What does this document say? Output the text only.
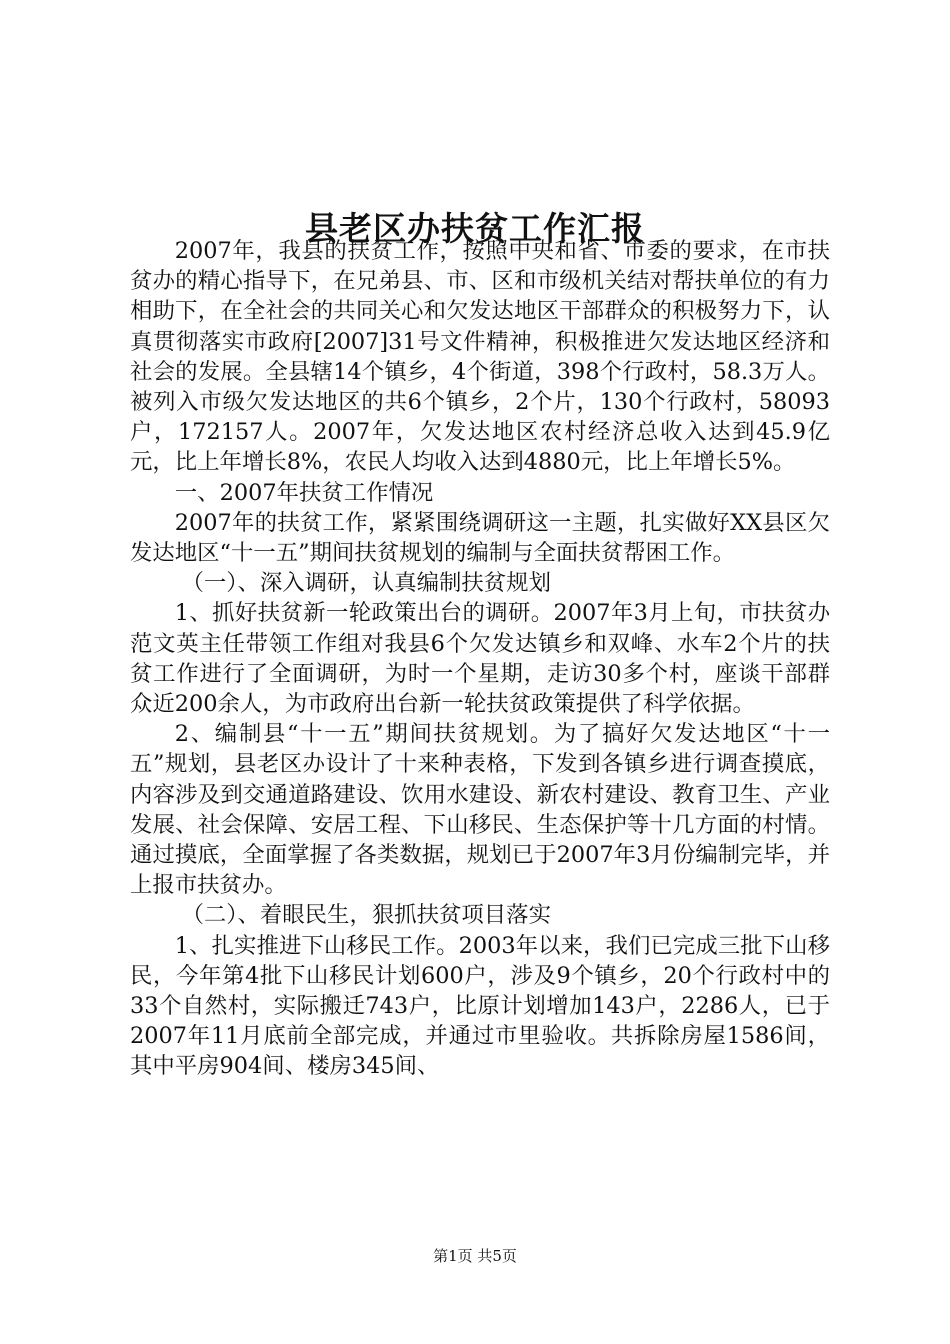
县老区办扶贫工作汇报

2007年，我县的扶贫工作，按照中央和省、市委的要求，在市扶贫办的精心指导下，在兄弟县、市、区和市级机关结对帮扶单位的有力相助下，在全社会的共同关心和欠发达地区干部群众的积极努力下，认真贯彻落实市政府[2007]31号文件精神，积极推进欠发达地区经济和社会的发展。全县辖14个镇乡，4个街道，398个行政村，58.3万人。被列入市级欠发达地区的共6个镇乡，2个片，130个行政村，58093户，172157人。2007年，欠发达地区农村经济总收入达到45.9亿元，比上年增长8%，农民人均收入达到4880元，比上年增长5%。

一、2007年扶贫工作情况

2007年的扶贫工作，紧紧围绕调研这一主题，扎实做好XX县区欠发达地区“十一五”期间扶贫规划的编制与全面扶贫帮困工作。

（一）、深入调研，认真编制扶贫规划

1、抓好扶贫新一轮政策出台的调研。2007年3月上旬，市扶贫办范文英主任带领工作组对我县6个欠发达镇乡和双峰、水车2个片的扶贫工作进行了全面调研，为时一个星期，走访30多个村，座谈干部群众近200余人，为市政府出台新一轮扶贫政策提供了科学依据。

2、编制县“十一五”期间扶贫规划。为了搞好欠发达地区“十一五”规划，县老区办设计了十来种表格，下发到各镇乡进行调查摸底，内容涉及到交通道路建设、饮用水建设、新农村建设、教育卫生、产业发展、社会保障、安居工程、下山移民、生态保护等十几方面的村情。通过摸底，全面掌握了各类数据，规划已于2007年3月份编制完毕，并上报市扶贫办。

（二）、着眼民生，狠抓扶贫项目落实

1、扎实推进下山移民工作。2003年以来，我们已完成三批下山移民，今年第4批下山移民计划600户，涉及9个镇乡，20个行政村中的33个自然村，实际搬迁743户，比原计划增加143户，2286人，已于2007年11月底前全部完成，并通过市里验收。共拆除房屋1586间，其中平房904间、楼房345间、

第1页 共5页
